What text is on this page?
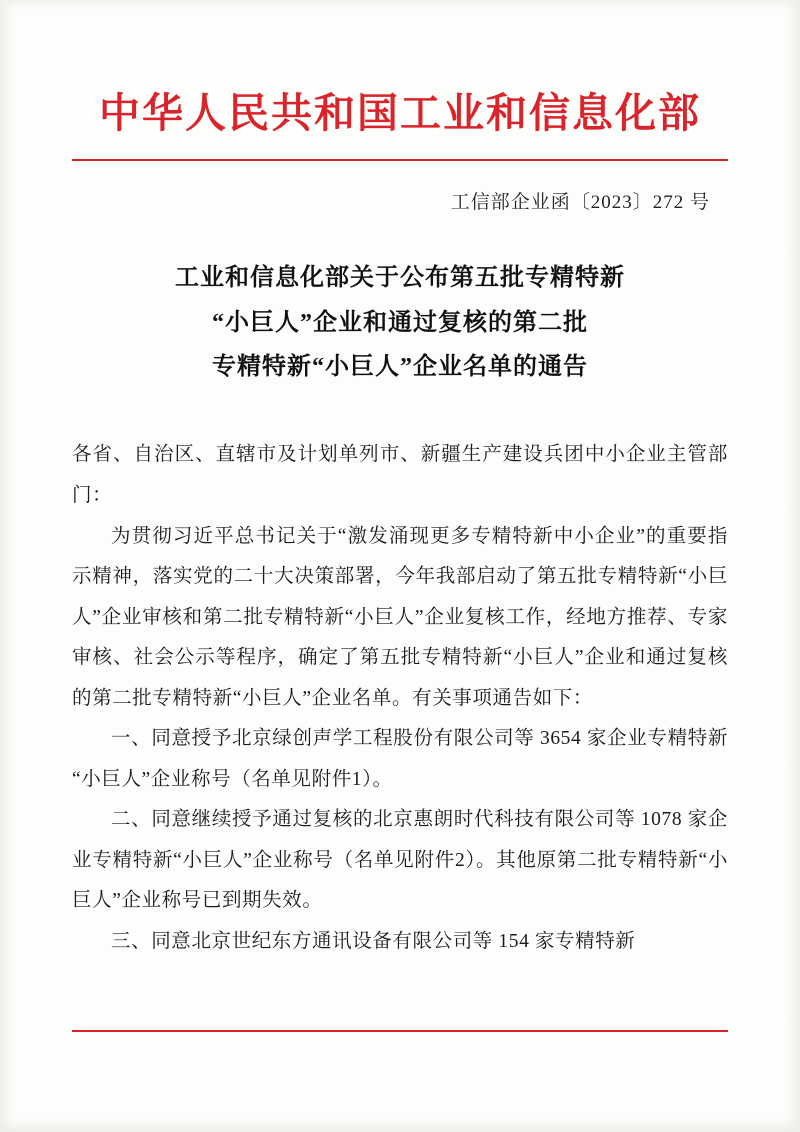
中华人民共和国工业和信息化部
工信部企业函〔2023〕272 号
工业和信息化部关于公布第五批专精特新
“小巨人”企业和通过复核的第二批
专精特新“小巨人”企业名单的通告

各省、自治区、直辖市及计划单列市、新疆生产建设兵团中小企业主管部门：

为贯彻习近平总书记关于“激发涌现更多专精特新中小企业”的重要指示精神，落实党的二十大决策部署，今年我部启动了第五批专精特新“小巨人”企业审核和第二批专精特新“小巨人”企业复核工作，经地方推荐、专家审核、社会公示等程序，确定了第五批专精特新“小巨人”企业和通过复核的第二批专精特新“小巨人”企业名单。有关事项通告如下：

一、同意授予北京绿创声学工程股份有限公司等 3654 家企业专精特新“小巨人”企业称号（名单见附件1）。

二、同意继续授予通过复核的北京惠朗时代科技有限公司等 1078 家企业专精特新“小巨人”企业称号（名单见附件2）。其他原第二批专精特新“小巨人”企业称号已到期失效。

三、同意北京世纪东方通讯设备有限公司等 154 家专精特新
